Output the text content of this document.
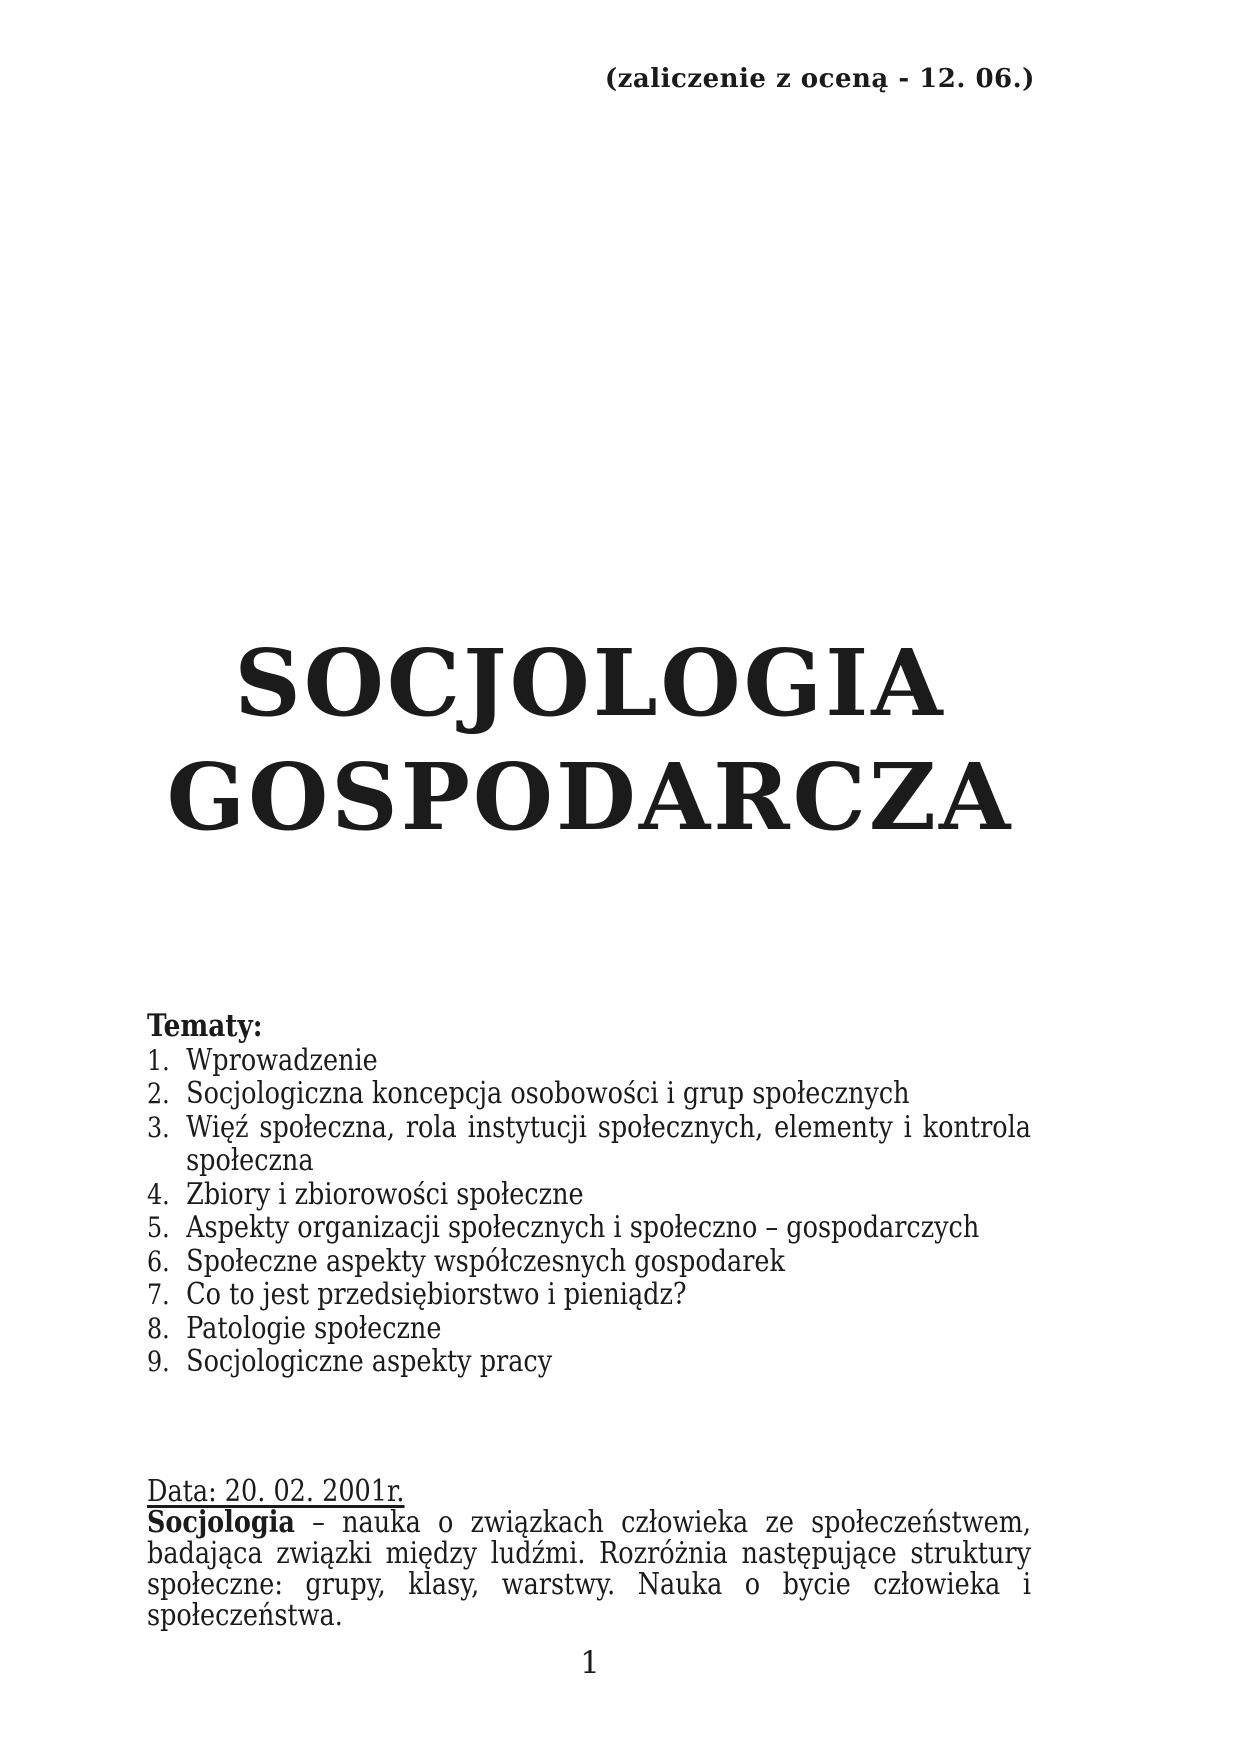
(zaliczenie z oceną - 12. 06.)
SOCJOLOGIA
GOSPODARCZA
Tematy:
1. Wprowadzenie
2. Socjologiczna koncepcja osobowości i grup społecznych
3. Więź społeczna, rola instytucji społecznych, elementy i kontrola społeczna
4. Zbiory i zbiorowości społeczne
5. Aspekty organizacji społecznych i społeczno – gospodarczych
6. Społeczne aspekty współczesnych gospodarek
7. Co to jest przedsiębiorstwo i pieniądz?
8. Patologie społeczne
9. Socjologiczne aspekty pracy
Data: 20. 02. 2001r.
Socjologia – nauka o związkach człowieka ze społeczeństwem, badająca związki między ludźmi. Rozróżnia następujące struktury społeczne: grupy, klasy, warstwy. Nauka o bycie człowieka i społeczeństwa.
1
